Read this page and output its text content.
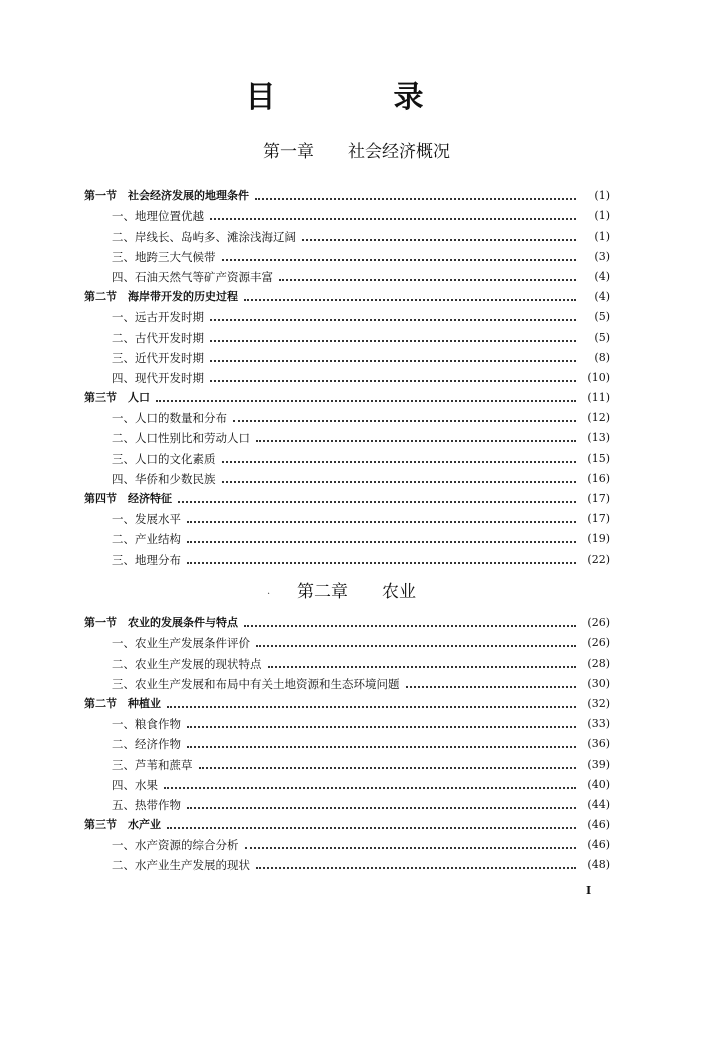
目　录
第一章　　社会经济概况
第一节　社会经济发展的地理条件	(1)
一、地理位置优越	(1)
二、岸线长、岛屿多、滩涂浅海辽阔	(1)
三、地跨三大气候带	(3)
四、石油天然气等矿产资源丰富	(4)
第二节　海岸带开发的历史过程	(4)
一、远古开发时期	(5)
二、古代开发时期	(5)
三、近代开发时期	(8)
四、现代开发时期	(10)
第三节　人口	(11)
一、人口的数量和分布	(12)
二、人口性别比和劳动人口	(13)
三、人口的文化素质	(15)
四、华侨和少数民族	(16)
第四节　经济特征	(17)
一、发展水平	(17)
二、产业结构	(19)
三、地理分布	(22)
·	第二章　　农业
第一节　农业的发展条件与特点	(26)
一、农业生产发展条件评价	(26)
二、农业生产发展的现状特点	(28)
三、农业生产发展和布局中有关土地资源和生态环境问题	(30)
第二节　种植业	(32)
一、粮食作物	(33)
二、经济作物	(36)
三、芦苇和蔗草	(39)
四、水果	(40)
五、热带作物	(44)
第三节　水产业	(46)
一、水产资源的综合分析	(46)
二、水产业生产发展的现状	(48)
I
